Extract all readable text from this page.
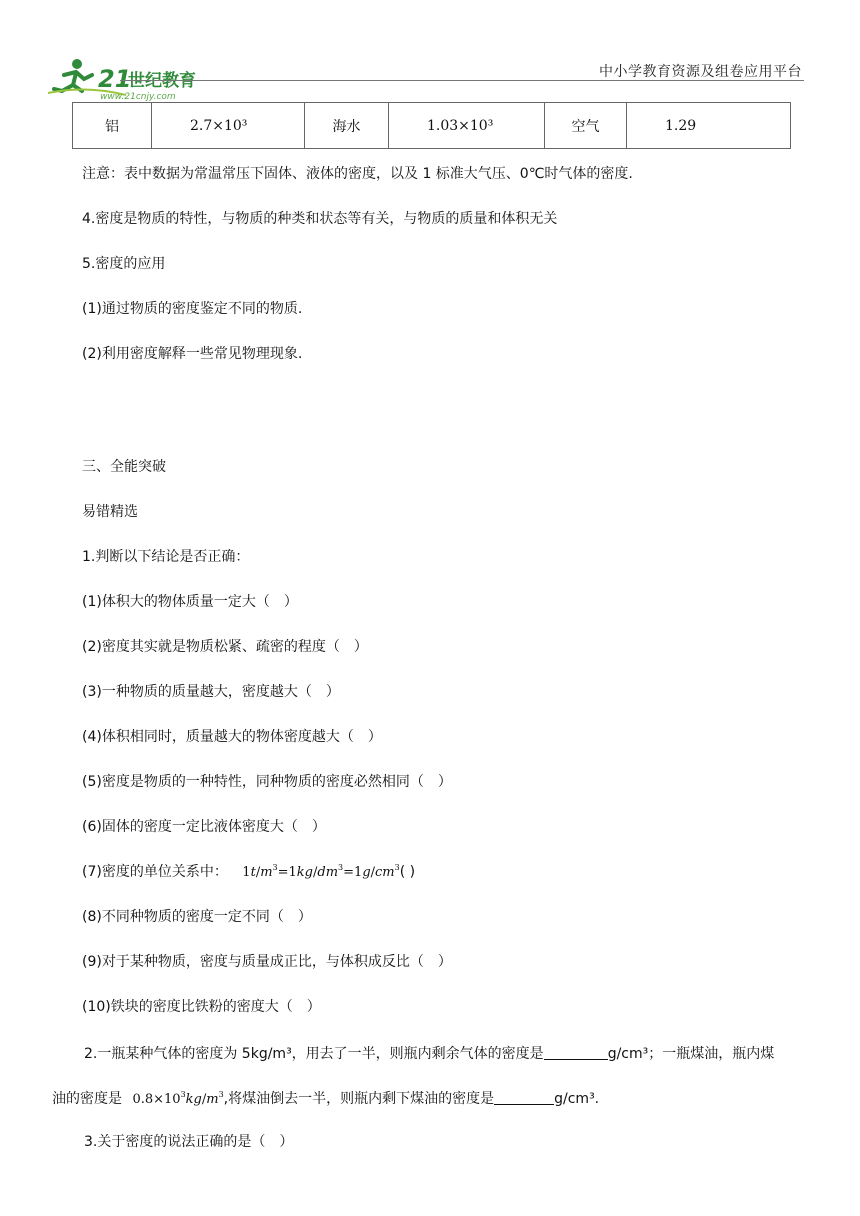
21
世纪教育
www.21cnjy.com
中小学教育资源及组卷应用平台
铝	2.7×10³	海水	1.03×10³	空气	1.29
注意：表中数据为常温常压下固体、液体的密度，以及 1 标准大气压、0℃时气体的密度.
4.密度是物质的特性，与物质的种类和状态等有关，与物质的质量和体积无关
5.密度的应用
(1)通过物质的密度鉴定不同的物质.
(2)利用密度解释一些常见物理现象.
三、全能突破
易错精选
1.判断以下结论是否正确：
(1)体积大的物体质量一定大（　）
(2)密度其实就是物质松紧、疏密的程度（　）
(3)一种物质的质量越大，密度越大（　）
(4)体积相同时，质量越大的物体密度越大（　）
(5)密度是物质的一种特性，同种物质的密度必然相同（　）
(6)固体的密度一定比液体密度大（　）
(7)密度的单位关系中： $1t/m^3=1kg/dm^3=1g/cm^3$( )
(8)不同种物质的密度一定不同（　）
(9)对于某种物质，密度与质量成正比，与体积成反比（　）
(10)铁块的密度比铁粉的密度大（　）
2.一瓶某种气体的密度为 5kg/m³，用去了一半，则瓶内剩余气体的密度是	g/cm³；一瓶煤油，瓶内煤
油的密度是 $0.8\times 10^3kg/m^3$,将煤油倒去一半，则瓶内剩下煤油的密度是	g/cm³.
3.关于密度的说法正确的是（　）
